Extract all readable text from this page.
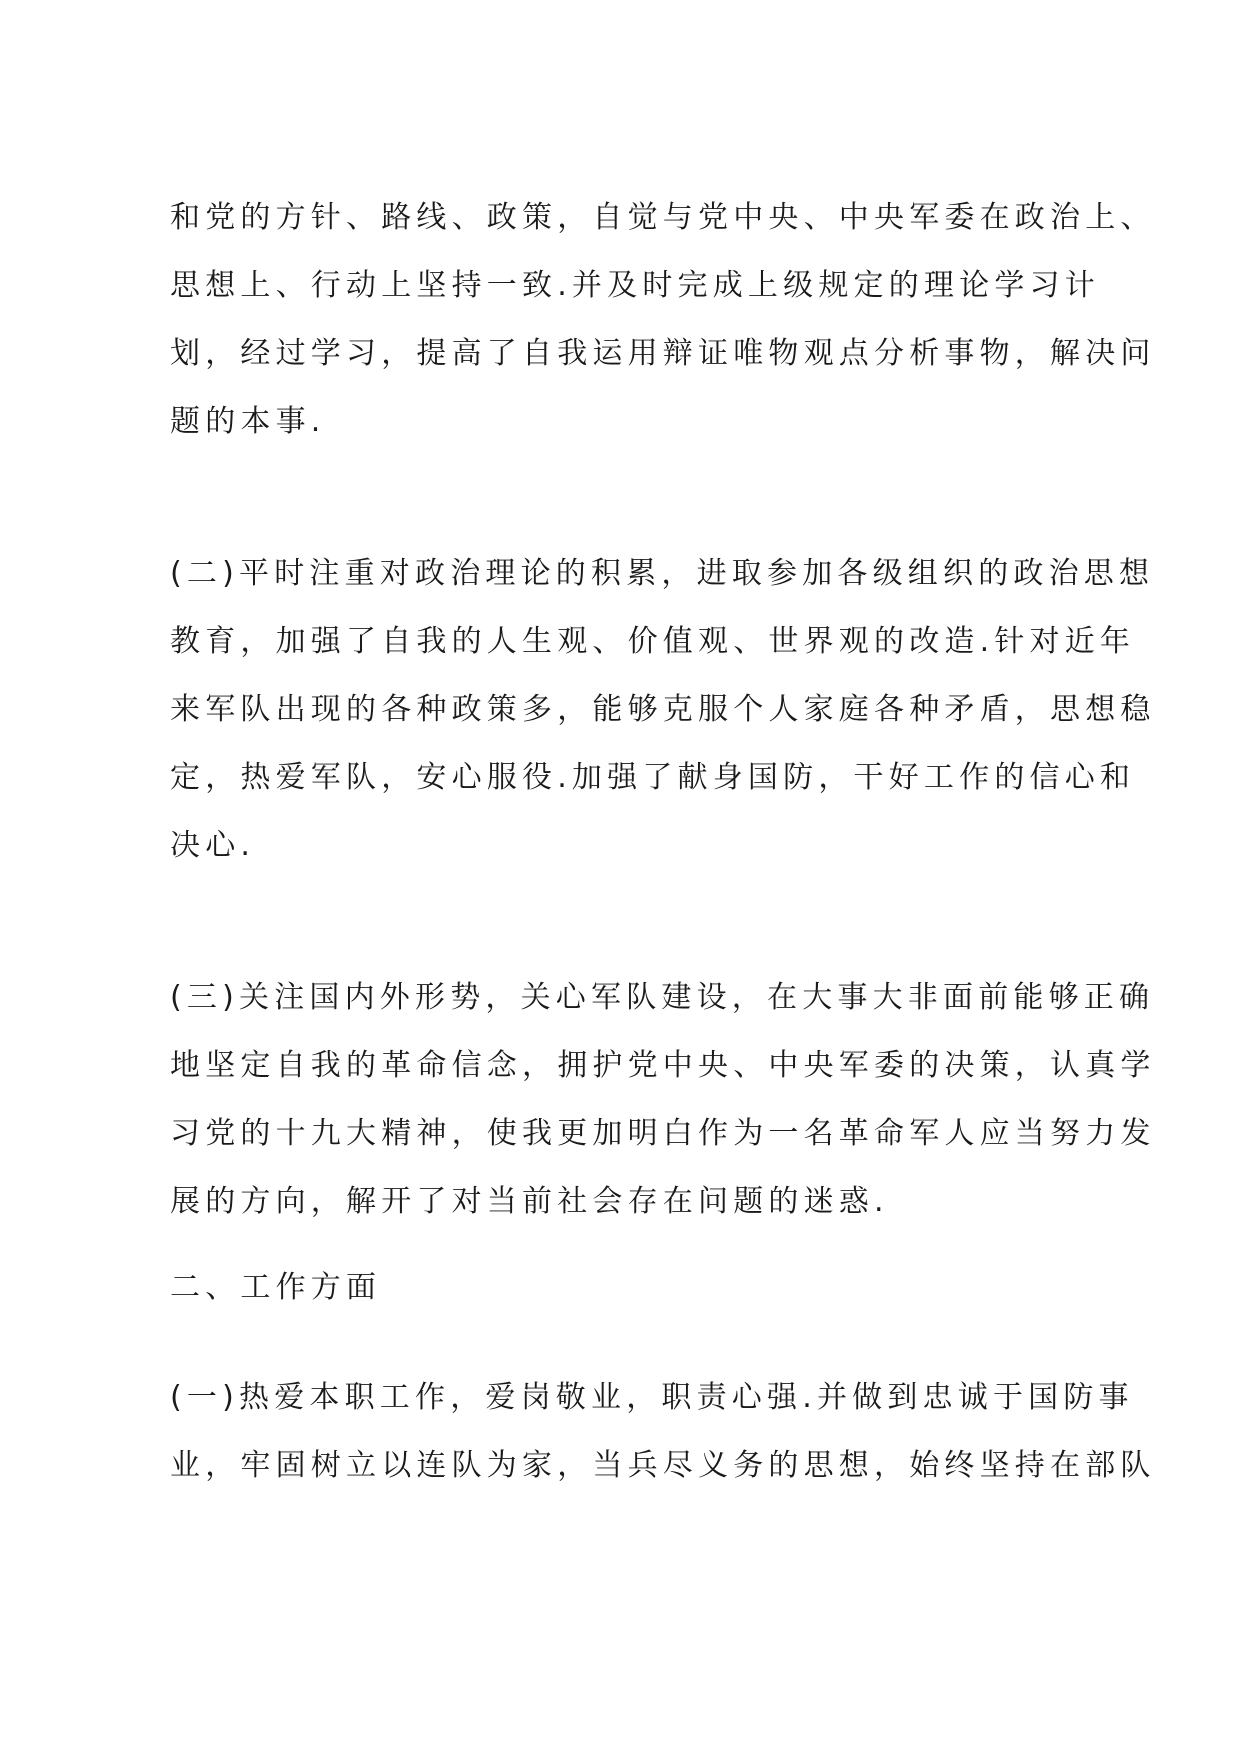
和党的方针、路线、政策，自觉与党中央、中央军委在政治上、
思想上、行动上坚持一致.并及时完成上级规定的理论学习计
划，经过学习，提高了自我运用辩证唯物观点分析事物，解决问
题的本事.
(二)平时注重对政治理论的积累，进取参加各级组织的政治思想
教育，加强了自我的人生观、价值观、世界观的改造.针对近年
来军队出现的各种政策多，能够克服个人家庭各种矛盾，思想稳
定，热爱军队，安心服役.加强了献身国防，干好工作的信心和
决心.
(三)关注国内外形势，关心军队建设，在大事大非面前能够正确
地坚定自我的革命信念，拥护党中央、中央军委的决策，认真学
习党的十九大精神，使我更加明白作为一名革命军人应当努力发
展的方向，解开了对当前社会存在问题的迷惑.
二、工作方面
(一)热爱本职工作，爱岗敬业，职责心强.并做到忠诚于国防事
业，牢固树立以连队为家，当兵尽义务的思想，始终坚持在部队
